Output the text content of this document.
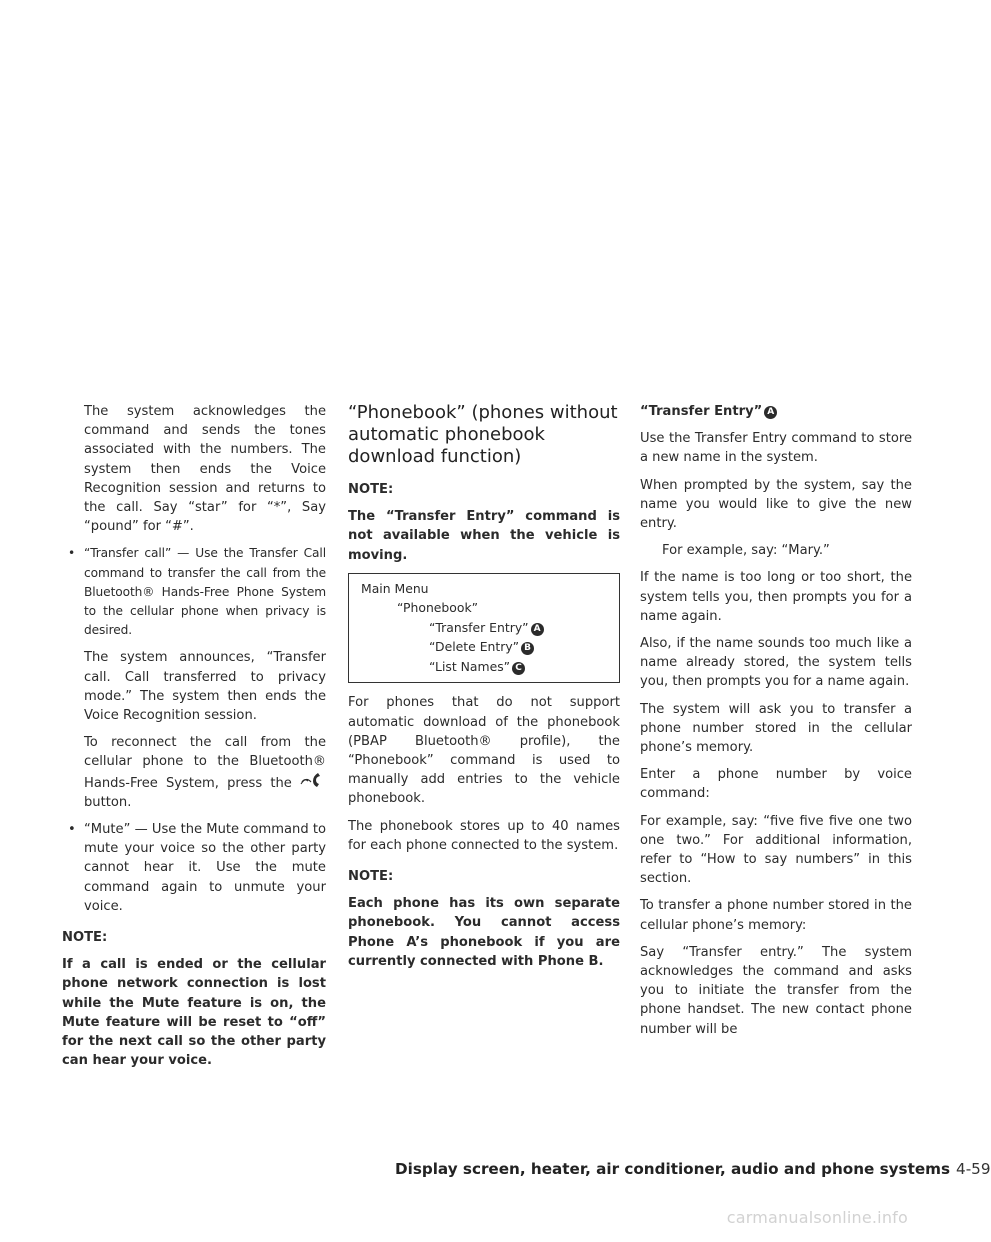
The system acknowledges the command and sends the tones associated with the numbers. The system then ends the Voice Recognition session and returns to the call. Say “star” for “*”, Say “pound” for “#”.

• “Transfer call” — Use the Transfer Call command to transfer the call from the Bluetooth® Hands-Free Phone System to the cellular phone when privacy is desired.

The system announces, “Transfer call. Call transferred to privacy mode.” The system then ends the Voice Recognition session.

To reconnect the call from the cellular phone to the Bluetooth® Hands-Free System, press the  button.

• “Mute” — Use the Mute command to mute your voice so the other party cannot hear it. Use the mute command again to unmute your voice.

NOTE:

If a call is ended or the cellular phone network connection is lost while the Mute feature is on, the Mute feature will be reset to “off” for the next call so the other party can hear your voice.

“Phonebook” (phones without automatic phonebook download function)

NOTE:

The “Transfer Entry” command is not available when the vehicle is moving.

Main Menu
“Phonebook”
“Transfer Entry” A
“Delete Entry” B
“List Names” C

For phones that do not support automatic download of the phonebook (PBAP Bluetooth® profile), the “Phonebook” command is used to manually add entries to the vehicle phonebook.

The phonebook stores up to 40 names for each phone connected to the system.

NOTE:

Each phone has its own separate phonebook. You cannot access Phone A’s phonebook if you are currently connected with Phone B.

“Transfer Entry” A

Use the Transfer Entry command to store a new name in the system.

When prompted by the system, say the name you would like to give the new entry.

For example, say: “Mary.”

If the name is too long or too short, the system tells you, then prompts you for a name again.

Also, if the name sounds too much like a name already stored, the system tells you, then prompts you for a name again.

The system will ask you to transfer a phone number stored in the cellular phone’s memory.

Enter a phone number by voice command:

For example, say: “five five five one two one two.” For additional information, refer to “How to say numbers” in this section.

To transfer a phone number stored in the cellular phone’s memory:

Say “Transfer entry.” The system acknowledges the command and asks you to initiate the transfer from the phone handset. The new contact phone number will be

Display screen, heater, air conditioner, audio and phone systems 4-59
carmanualsonline.info
